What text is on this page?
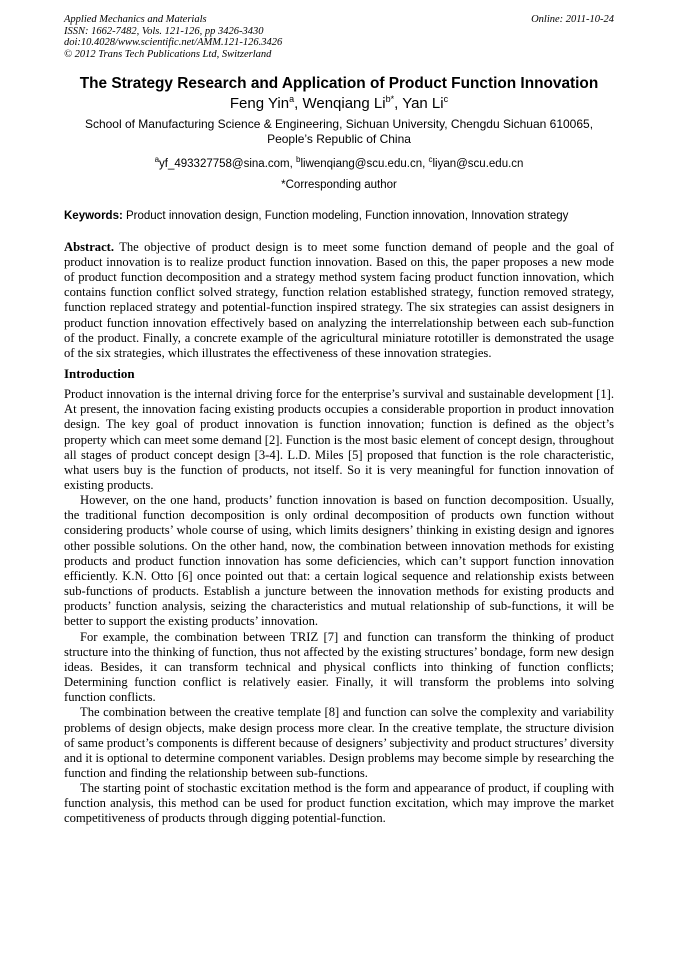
Applied Mechanics and Materials
ISSN: 1662-7482, Vols. 121-126, pp 3426-3430
doi:10.4028/www.scientific.net/AMM.121-126.3426
© 2012 Trans Tech Publications Ltd, Switzerland
Online: 2011-10-24
The Strategy Research and Application of Product Function Innovation
Feng Yin$^a$, Wenqiang $Li^{b*}$, Yan Li$^c$
School of Manufacturing Science & Engineering, Sichuan University, Chengdu Sichuan 610065,
People’s Republic of China
$^a$yf_493327758@sina.com, $^b$liwenqiang@scu.edu.cn, $^c$liyan@scu.edu.cn
*Corresponding author
Keywords: Product innovation design, Function modeling, Function innovation, Innovation strategy
Abstract. The objective of product design is to meet some function demand of people and the goal of product innovation is to realize product function innovation. Based on this, the paper proposes a new mode of product function decomposition and a strategy method system facing product function innovation, which contains function conflict solved strategy, function relation established strategy, function removed strategy, function replaced strategy and potential-function inspired strategy. The six strategies can assist designers in product function innovation effectively based on analyzing the interrelationship between each sub-function of the product. Finally, a concrete example of the agricultural miniature rototiller is demonstrated the usage of the six strategies, which illustrates the effectiveness of these innovation strategies.
Introduction

Product innovation is the internal driving force for the enterprise’s survival and sustainable development [1]. At present, the innovation facing existing products occupies a considerable proportion in product innovation design. The key goal of product innovation is function innovation; function is defined as the object’s property which can meet some demand [2]. Function is the most basic element of concept design, throughout all stages of product concept design [3-4]. L.D. Miles [5] proposed that function is the role characteristic, what users buy is the function of products, not itself. So it is very meaningful for function innovation of existing products.

However, on the one hand, products’ function innovation is based on function decomposition. Usually, the traditional function decomposition is only ordinal decomposition of products own function without considering products’ whole course of using, which limits designers’ thinking in existing design and ignores other possible solutions. On the other hand, now, the combination between innovation methods for existing products and product function innovation has some deficiencies, which can’t support function innovation efficiently. K.N. Otto [6] once pointed out that: a certain logical sequence and relationship exists between sub-functions of products. Establish a juncture between the innovation methods for existing products and products’ function analysis, seizing the characteristics and mutual relationship of sub-functions, it will be better to support the existing products’ innovation.

For example, the combination between TRIZ [7] and function can transform the thinking of product structure into the thinking of function, thus not affected by the existing structures’ bondage, form new design ideas. Besides, it can transform technical and physical conflicts into thinking of function conflicts; Determining function conflict is relatively easier. Finally, it will transform the problems into solving function conflicts.

The combination between the creative template [8] and function can solve the complexity and variability problems of design objects, make design process more clear. In the creative template, the structure division of same product’s components is different because of designers’ subjectivity and product structures’ diversity and it is optional to determine component variables. Design problems may become simple by researching the function and finding the relationship between sub-functions.

The starting point of stochastic excitation method is the form and appearance of product, if coupling with function analysis, this method can be used for product function excitation, which may improve the market competitiveness of products through digging potential-function.
